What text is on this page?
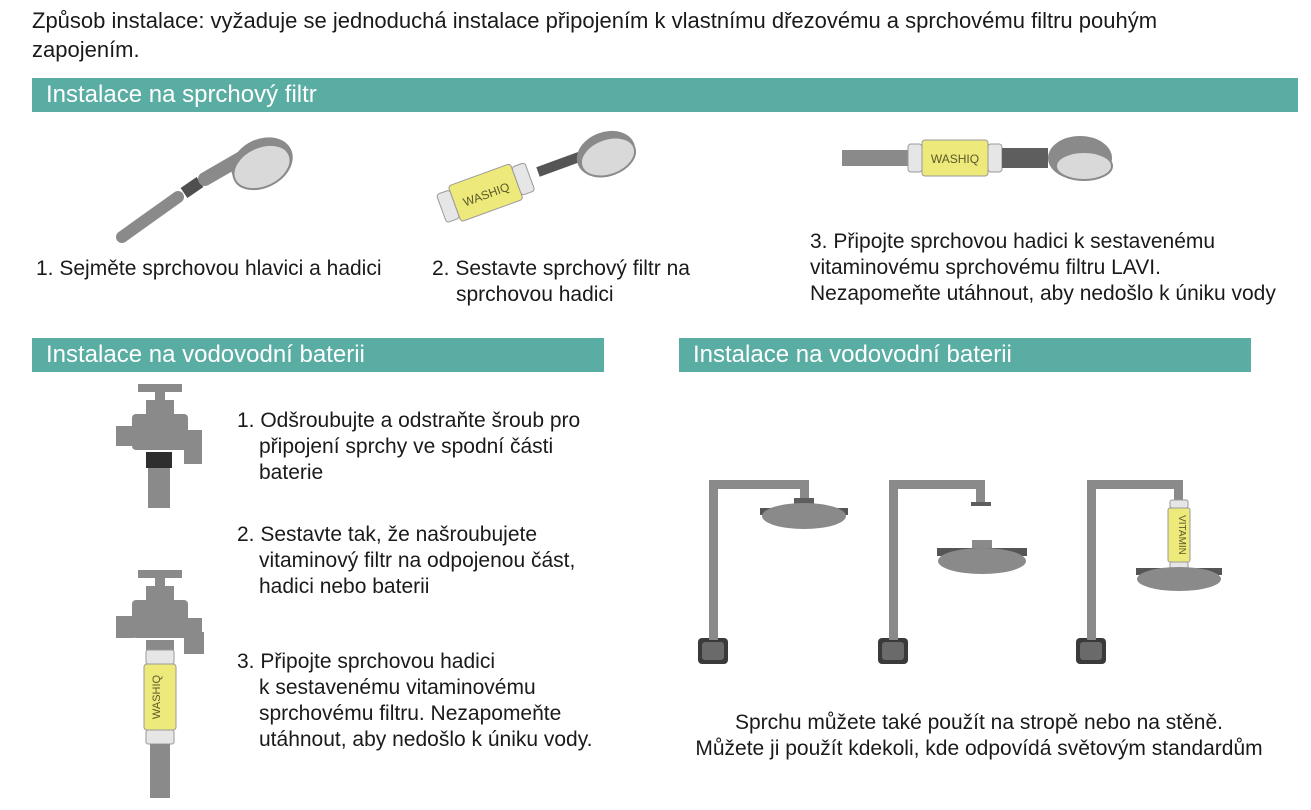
Způsob instalace: vyžaduje se jednoduchá instalace připojením k vlastnímu dřezovému a sprchovému filtru pouhým
zapojením.
Instalace na sprchový filtr
WASHIQ
WASHIQ
1. Sejměte sprchovou hlavici a hadici 2. Sestavte sprchový filtr na
sprchovou hadici
3. Připojte sprchovou hadici k sestavenému
vitaminovému sprchovému filtru LAVI.
Nezapomeňte utáhnout, aby nedošlo k úniku vody
Instalace na vodovodní baterii	Instalace na vodovodní baterii
WASHIQ
1. Odšroubujte a odstraňte šroub pro
připojení sprchy ve spodní části
baterie
2. Sestavte tak, že našroubujete
vitaminový filtr na odpojenou část,
hadici nebo baterii
3. Připojte sprchovou hadici
k sestavenému vitaminovému
sprchovému filtru. Nezapomeňte
utáhnout, aby nedošlo k úniku vody.
VITAMIN
Sprchu můžete také použít na stropě nebo na stěně.
Můžete ji použít kdekoli, kde odpovídá světovým standardům
